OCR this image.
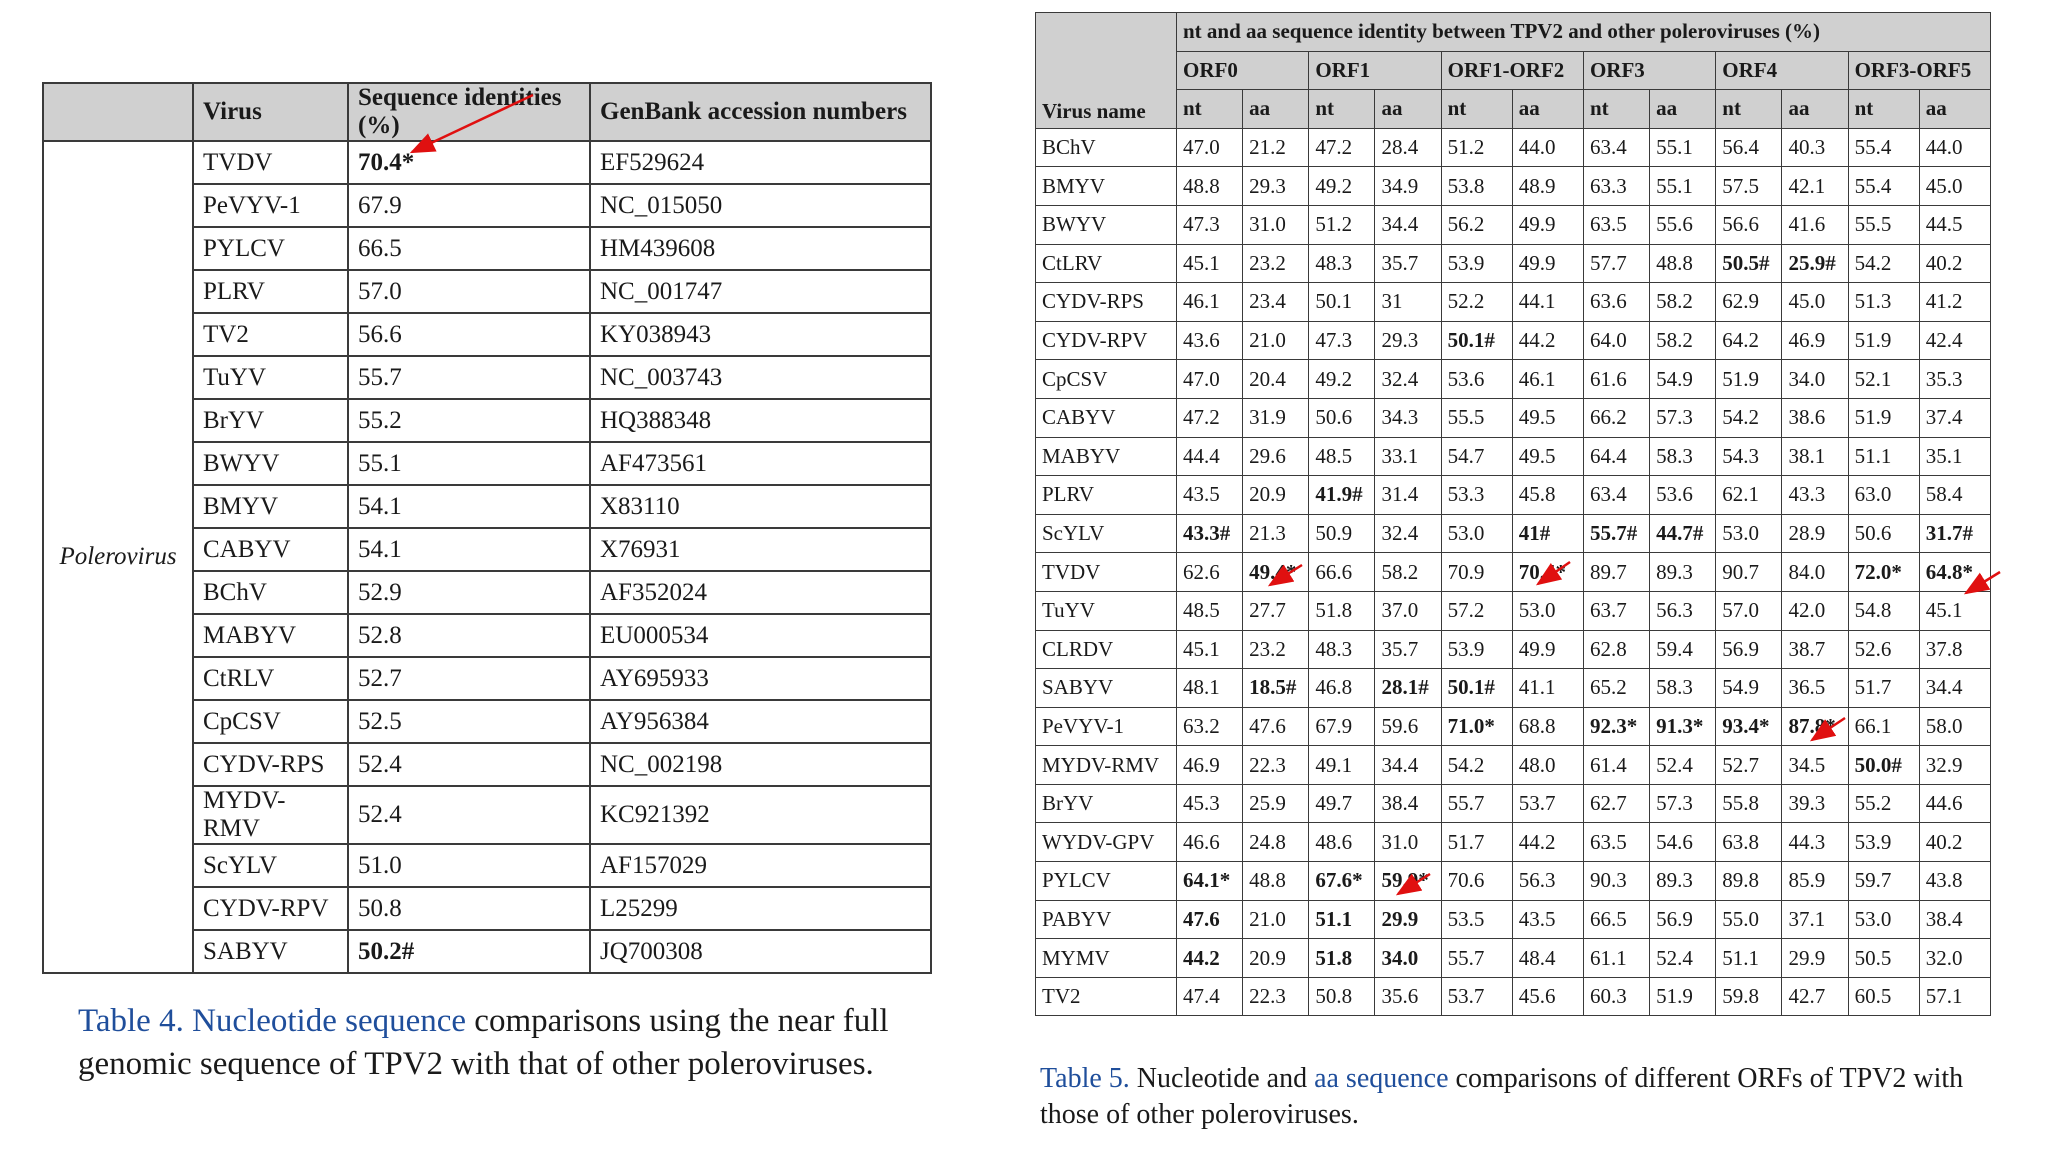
	Virus	Sequence identities (%)	GenBank accession numbers
Polerovirus	TVDV	70.4*	EF529624
	PeVYV-1	67.9	NC_015050
	PYLCV	66.5	HM439608
	PLRV	57.0	NC_001747
	TV2	56.6	KY038943
	TuYV	55.7	NC_003743
	BrYV	55.2	HQ388348
	BWYV	55.1	AF473561
	BMYV	54.1	X83110
	CABYV	54.1	X76931
	BChV	52.9	AF352024
	MABYV	52.8	EU000534
	CtRLV	52.7	AY695933
	CpCSV	52.5	AY956384
	CYDV-RPS	52.4	NC_002198
	MYDV-RMV	52.4	KC921392
	ScYLV	51.0	AF157029
	CYDV-RPV	50.8	L25299
	SABYV	50.2#	JQ700308
Virus name	nt and aa sequence identity between TPV2 and other poleroviruses (%)											
	ORF0		ORF1		ORF1-ORF2		ORF3		ORF4		ORF3-ORF5	
	nt	aa	nt	aa	nt	aa	nt	aa	nt	aa	nt	aa
BChV	47.0	21.2	47.2	28.4	51.2	44.0	63.4	55.1	56.4	40.3	55.4	44.0
BMYV	48.8	29.3	49.2	34.9	53.8	48.9	63.3	55.1	57.5	42.1	55.4	45.0
BWYV	47.3	31.0	51.2	34.4	56.2	49.9	63.5	55.6	56.6	41.6	55.5	44.5
CtLRV	45.1	23.2	48.3	35.7	53.9	49.9	57.7	48.8	50.5#	25.9#	54.2	40.2
CYDV-RPS	46.1	23.4	50.1	31	52.2	44.1	63.6	58.2	62.9	45.0	51.3	41.2
CYDV-RPV	43.6	21.0	47.3	29.3	50.1#	44.2	64.0	58.2	64.2	46.9	51.9	42.4
CpCSV	47.0	20.4	49.2	32.4	53.6	46.1	61.6	54.9	51.9	34.0	52.1	35.3
CABYV	47.2	31.9	50.6	34.3	55.5	49.5	66.2	57.3	54.2	38.6	51.9	37.4
MABYV	44.4	29.6	48.5	33.1	54.7	49.5	64.4	58.3	54.3	38.1	51.1	35.1
PLRV	43.5	20.9	41.9#	31.4	53.3	45.8	63.4	53.6	62.1	43.3	63.0	58.4
ScYLV	43.3#	21.3	50.9	32.4	53.0	41#	55.7#	44.7#	53.0	28.9	50.6	31.7#
TVDV	62.6	49.4*	66.6	58.2	70.9	70.4*	89.7	89.3	90.7	84.0	72.0*	64.8*
TuYV	48.5	27.7	51.8	37.0	57.2	53.0	63.7	56.3	57.0	42.0	54.8	45.1
CLRDV	45.1	23.2	48.3	35.7	53.9	49.9	62.8	59.4	56.9	38.7	52.6	37.8
SABYV	48.1	18.5#	46.8	28.1#	50.1#	41.1	65.2	58.3	54.9	36.5	51.7	34.4
PeVYV-1	63.2	47.6	67.9	59.6	71.0*	68.8	92.3*	91.3*	93.4*	87.8*	66.1	58.0
MYDV-RMV	46.9	22.3	49.1	34.4	54.2	48.0	61.4	52.4	52.7	34.5	50.0#	32.9
BrYV	45.3	25.9	49.7	38.4	55.7	53.7	62.7	57.3	55.8	39.3	55.2	44.6
WYDV-GPV	46.6	24.8	48.6	31.0	51.7	44.2	63.5	54.6	63.8	44.3	53.9	40.2
PYLCV	64.1*	48.8	67.6*	59.9*	70.6	56.3	90.3	89.3	89.8	85.9	59.7	43.8
PABYV	47.6	21.0	51.1	29.9	53.5	43.5	66.5	56.9	55.0	37.1	53.0	38.4
MYMV	44.2	20.9	51.8	34.0	55.7	48.4	61.1	52.4	51.1	29.9	50.5	32.0
TV2	47.4	22.3	50.8	35.6	53.7	45.6	60.3	51.9	59.8	42.7	60.5	57.1
Table 4. Nucleotide sequence comparisons using the near full genomic sequence of TPV2 with that of other poleroviruses.	Table 5. Nucleotide and aa sequence comparisons of different ORFs of TPV2 with those of other poleroviruses.
